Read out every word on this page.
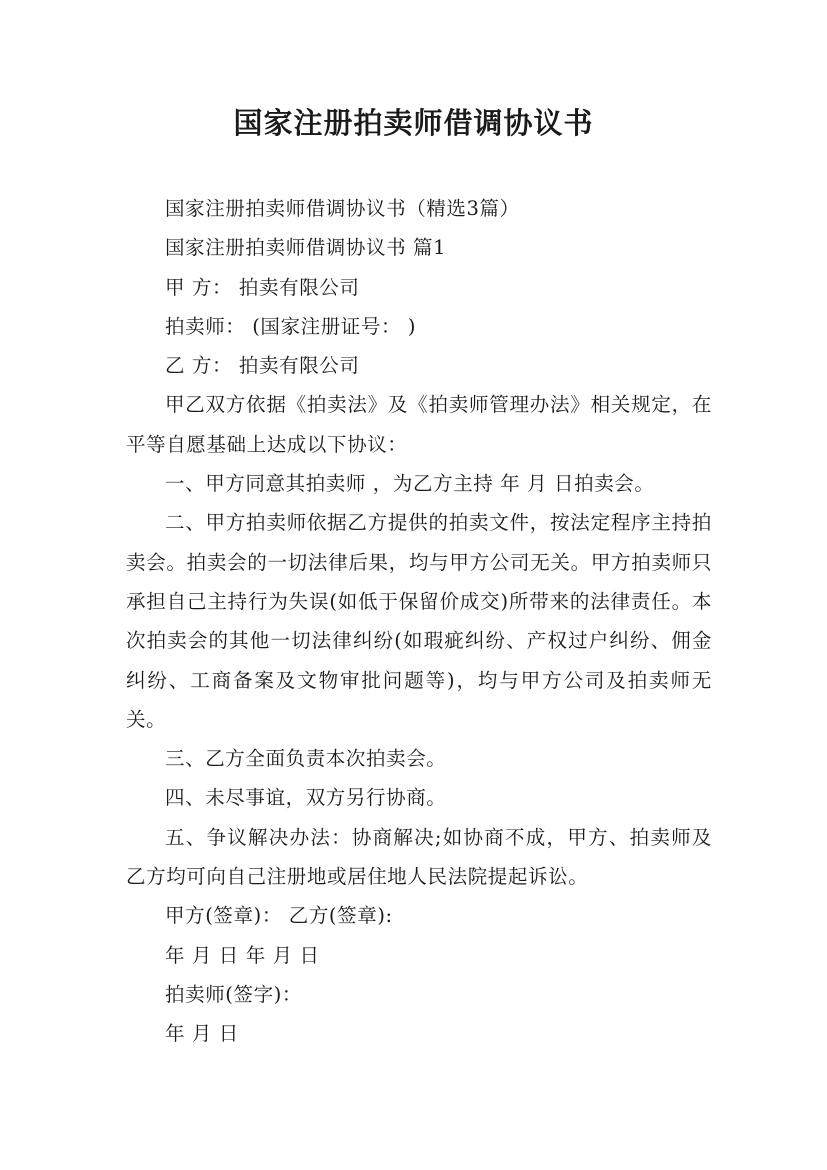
国家注册拍卖师借调协议书

国家注册拍卖师借调协议书（精选3篇）

国家注册拍卖师借调协议书 篇1

甲 方： 拍卖有限公司

拍卖师： (国家注册证号： )

乙 方： 拍卖有限公司

甲乙双方依据《拍卖法》及《拍卖师管理办法》相关规定，在平等自愿基础上达成以下协议：

一、甲方同意其拍卖师 ，为乙方主持 年 月 日拍卖会。

二、甲方拍卖师依据乙方提供的拍卖文件，按法定程序主持拍卖会。拍卖会的一切法律后果，均与甲方公司无关。甲方拍卖师只承担自己主持行为失误(如低于保留价成交)所带来的法律责任。本次拍卖会的其他一切法律纠纷(如瑕疵纠纷、产权过户纠纷、佣金纠纷、工商备案及文物审批问题等)，均与甲方公司及拍卖师无关。

三、乙方全面负责本次拍卖会。

四、未尽事谊，双方另行协商。

五、争议解决办法：协商解决;如协商不成，甲方、拍卖师及乙方均可向自己注册地或居住地人民法院提起诉讼。

甲方(签章)： 乙方(签章):

年 月 日 年 月 日

拍卖师(签字)：

年 月 日
